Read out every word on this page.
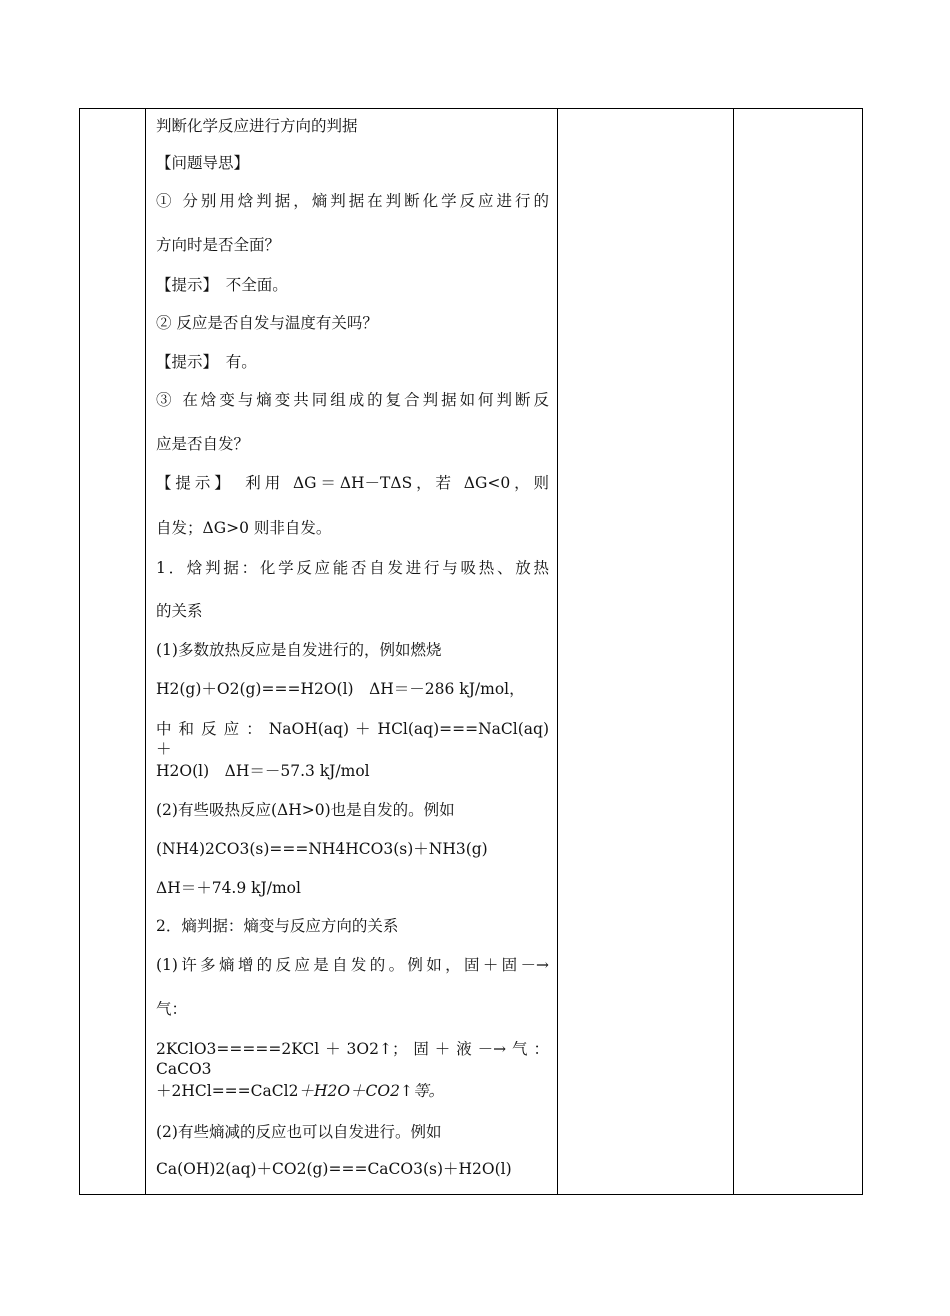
判断化学反应进行方向的判据
【问题导思】
① 分别用焓判据，熵判据在判断化学反应进行的
方向时是否全面？
【提示】　不全面。
② 反应是否自发与温度有关吗？
【提示】　有。
③ 在焓变与熵变共同组成的复合判据如何判断反
应是否自发？
【提示】　利用 ΔG＝ΔH－TΔS，若 ΔG<0，则
自发；ΔG>0 则非自发。
1．焓判据：化学反应能否自发进行与吸热、放热
的关系
(1)多数放热反应是自发进行的，例如燃烧
H2(g)＋O2(g)===H2O(l)　ΔH＝－286 kJ/mol，
中 和 反 应 ： NaOH(aq) ＋ HCl(aq)===NaCl(aq) ＋
H2O(l)　ΔH＝－57.3 kJ/mol
(2)有些吸热反应(ΔH>0)也是自发的。例如
(NH4)2CO3(s)===NH4HCO3(s)＋NH3(g)
ΔH＝＋74.9 kJ/mol
2．熵判据：熵变与反应方向的关系
(1)许多熵增的反应是自发的。例如，固＋固－→
气：
2KClO3=====2KCl＋3O2↑；固＋液－→气：CaCO3
＋2HCl===CaCl2＋H2O＋CO2↑等。
(2)有些熵减的反应也可以自发进行。例如
Ca(OH)2(aq)＋CO2(g)===CaCO3(s)＋H2O(l)
